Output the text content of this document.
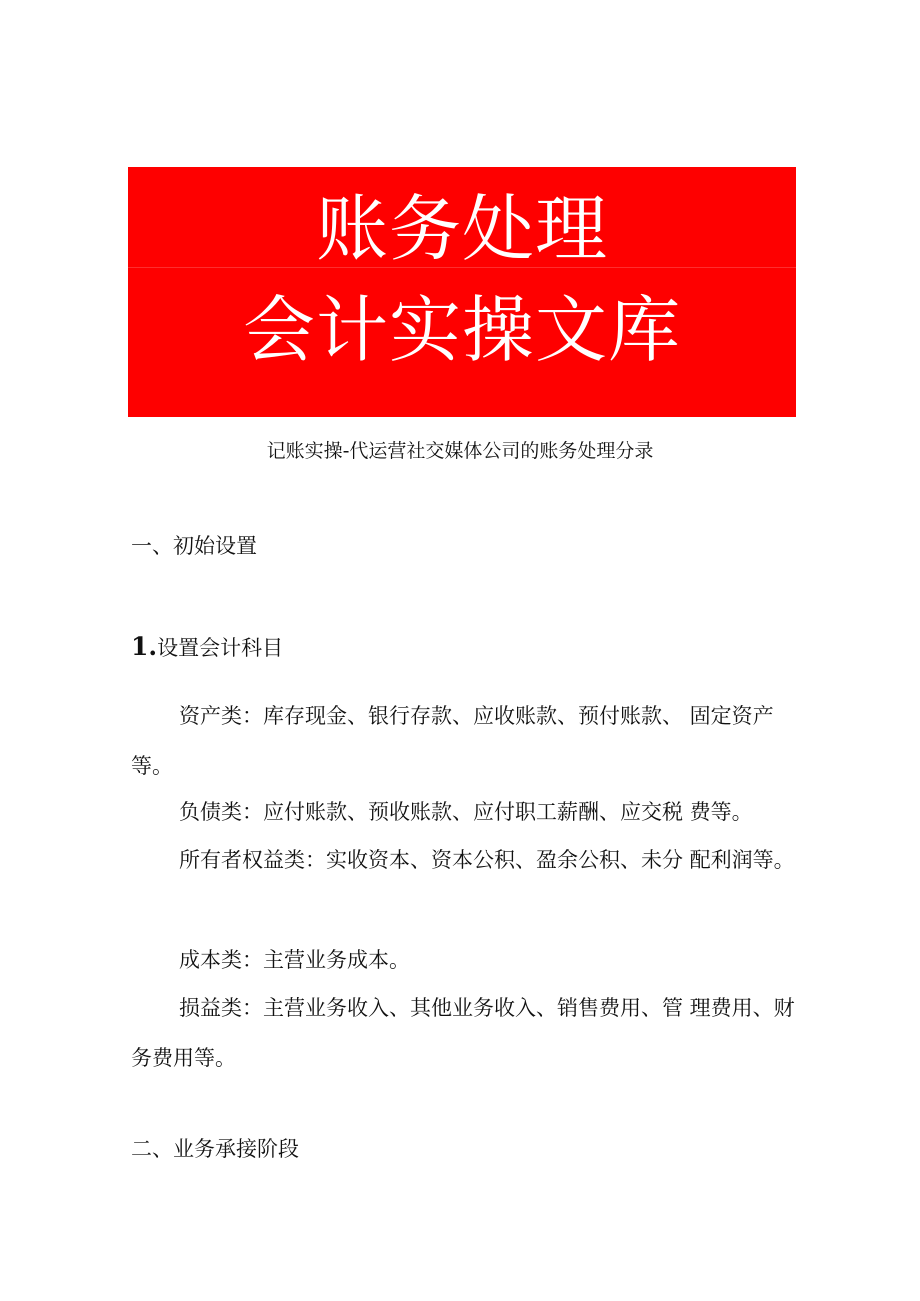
账务处理
会计实操文库
记账实操-代运营社交媒体公司的账务处理分录
一、初始设置
1.设置会计科目

资产类：库存现金、银行存款、应收账款、预付账款、 固定资产等。

负债类：应付账款、预收账款、应付职工薪酬、应交税 费等。

所有者权益类：实收资本、资本公积、盈余公积、未分 配利润等。

成本类：主营业务成本。

损益类：主营业务收入、其他业务收入、销售费用、管 理费用、财务费用等。

二、业务承接阶段
